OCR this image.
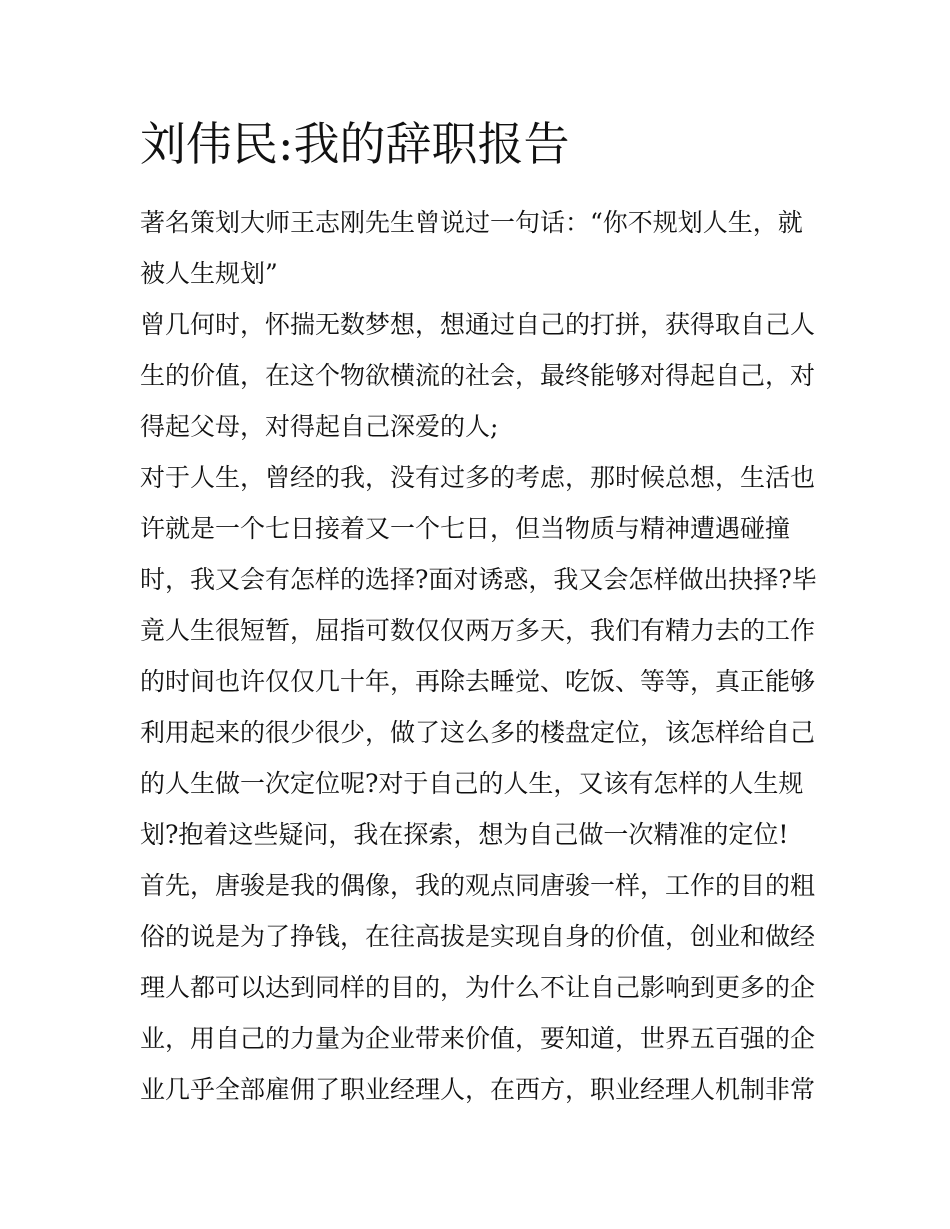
刘伟民:我的辞职报告
著名策划大师王志刚先生曾说过一句话：“你不规划人生，就
被人生规划”
曾几何时，怀揣无数梦想，想通过自己的打拼，获得取自己人
生的价值，在这个物欲横流的社会，最终能够对得起自己，对
得起父母，对得起自己深爱的人;
对于人生，曾经的我，没有过多的考虑，那时候总想，生活也
许就是一个七日接着又一个七日，但当物质与精神遭遇碰撞
时，我又会有怎样的选择?面对诱惑，我又会怎样做出抉择?毕
竟人生很短暂，屈指可数仅仅两万多天，我们有精力去的工作
的时间也许仅仅几十年，再除去睡觉、吃饭、等等，真正能够
利用起来的很少很少，做了这么多的楼盘定位，该怎样给自己
的人生做一次定位呢?对于自己的人生，又该有怎样的人生规
划?抱着这些疑问，我在探索，想为自己做一次精准的定位!
首先，唐骏是我的偶像，我的观点同唐骏一样，工作的目的粗
俗的说是为了挣钱，在往高拔是实现自身的价值，创业和做经
理人都可以达到同样的目的，为什么不让自己影响到更多的企
业，用自己的力量为企业带来价值，要知道，世界五百强的企
业几乎全部雇佣了职业经理人，在西方，职业经理人机制非常
